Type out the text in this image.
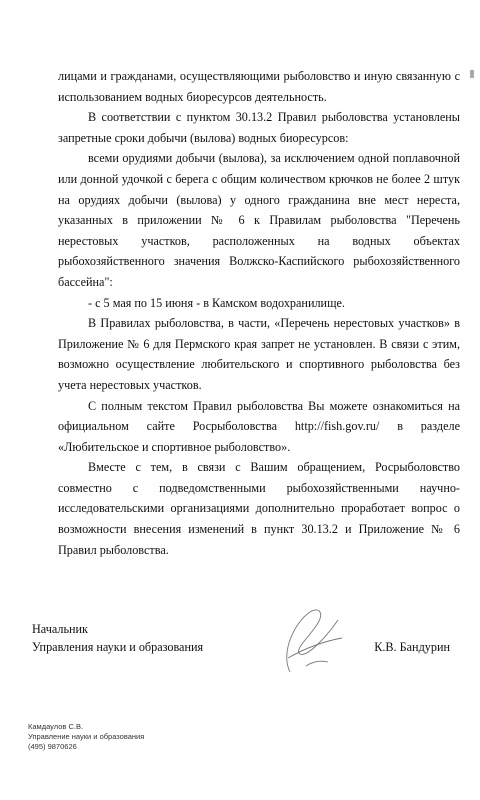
лицами и гражданами, осуществляющими рыболовство и иную связанную с использованием водных биоресурсов деятельность.

В соответствии с пунктом 30.13.2 Правил рыболовства установлены запретные сроки добычи (вылова) водных биоресурсов:

всеми орудиями добычи (вылова), за исключением одной поплавочной или донной удочкой с берега с общим количеством крючков не более 2 штук на орудиях добычи (вылова) у одного гражданина вне мест нереста, указанных в приложении № 6 к Правилам рыболовства "Перечень нерестовых участков, расположенных на водных объектах рыбохозяйственного значения Волжско-Каспийского рыбохозяйственного бассейна":

- с 5 мая по 15 июня - в Камском водохранилище.

В Правилах рыболовства, в части, «Перечень нерестовых участков» в Приложение № 6 для Пермского края запрет не установлен. В связи с этим, возможно осуществление любительского и спортивного рыболовства без учета нерестовых участков.

С полным текстом Правил рыболовства Вы можете ознакомиться на официальном сайте Росрыболовства http://fish.gov.ru/ в разделе «Любительское и спортивное рыболовство».

Вместе с тем, в связи с Вашим обращением, Росрыболовство совместно с подведомственными рыбохозяйственными научно-исследовательскими организациями дополнительно проработает вопрос о возможности внесения изменений в пункт 30.13.2 и Приложение № 6 Правил рыболовства.

Начальник
Управления науки и образования	К.В. Бандурин
Камдаулов С.В.
Управление науки и образования
(495) 9870626
